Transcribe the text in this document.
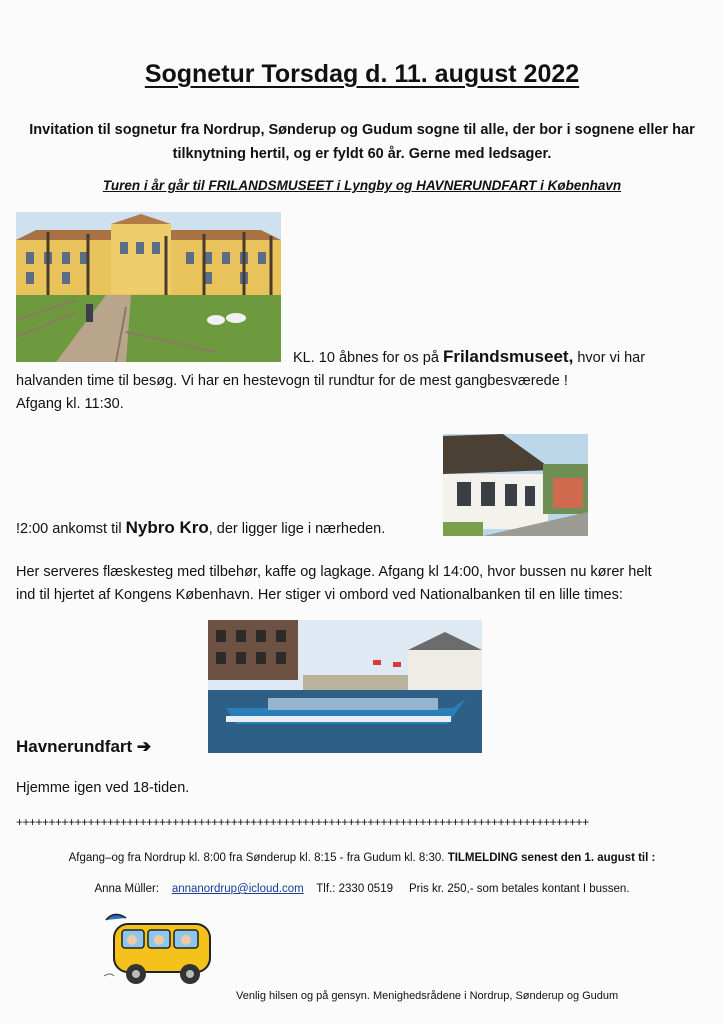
Sognetur Torsdag d. 11. august 2022
Invitation til sognetur fra Nordrup, Sønderup og Gudum sogne til alle, der bor i sognene eller har tilknytning hertil, og er fyldt 60 år. Gerne med ledsager.
Turen i år går til FRILANDSMUSEET i Lyngby og HAVNERUNDFART i København
KL. 10 åbnes for os på Frilandsmuseet, hvor vi har
halvanden time til besøg. Vi har en hestevogn til rundtur for de mest gangbesværede !
Afgang kl. 11:30.
!2:00 ankomst til Nybro Kro, der ligger lige i nærheden.
Her serveres flæskesteg med tilbehør, kaffe og lagkage. Afgang kl 14:00, hvor bussen nu kører helt
ind til hjertet af Kongens København. Her stiger vi ombord ved Nationalbanken til en lille times:
Havnerundfart ➔
Hjemme igen ved 18-tiden.
++++++++++++++++++++++++++++++++++++++++++++++++++++++++++++++++++++++++++++++++++++++++
Afgang–og fra Nordrup kl. 8:00 fra Sønderup kl. 8:15 - fra Gudum kl. 8:30. TILMELDING senest den 1. august til :
Anna Müller: annanordrup@icloud.com Tlf.: 2330 0519 Pris kr. 250,- som betales kontant I bussen.
Venlig hilsen og på gensyn. Menighedsrådene i Nordrup, Sønderup og Gudum
